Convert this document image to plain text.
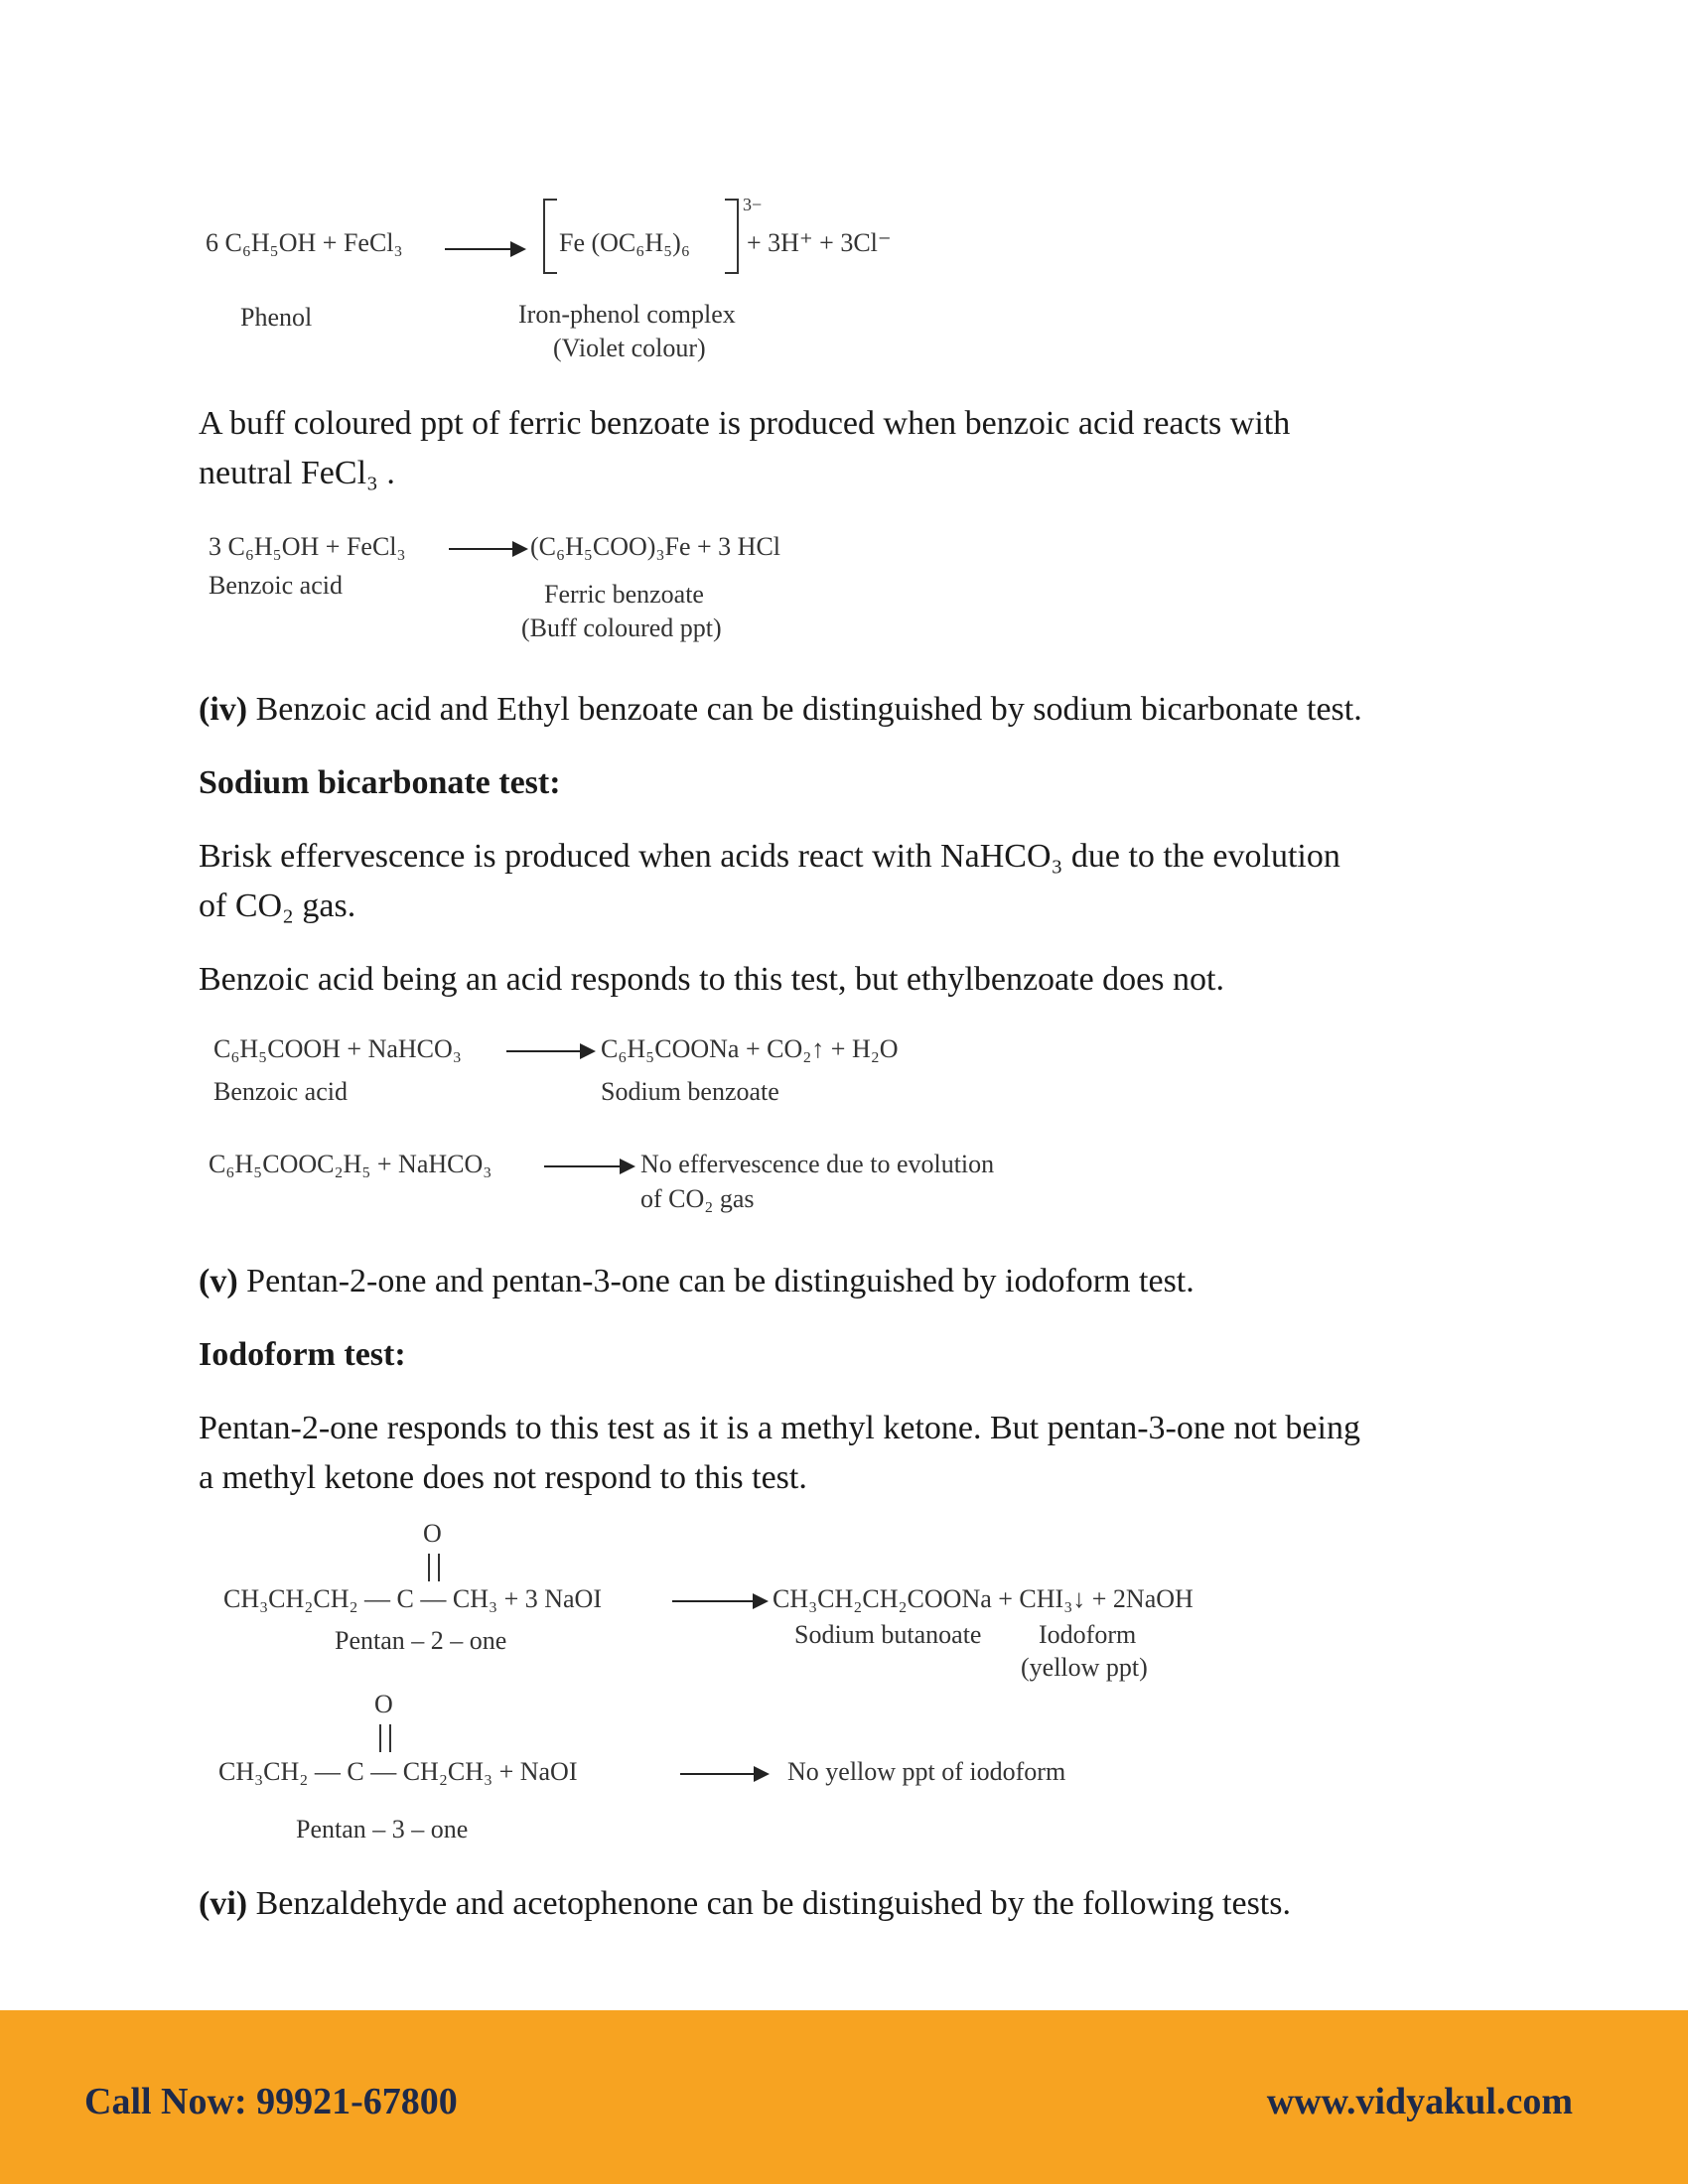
6 C₆H₅OH + FeCl₃	Fe (OC₆H₅)₆
3−
+ 3H⁺ + 3Cl⁻
Phenol	Iron-phenol complex
(Violet colour)
A buff coloured ppt of ferric benzoate is produced when benzoic acid reacts with
neutral FeCl₃ .
3 C₆H₅OH + FeCl₃	(C₆H₅COO)₃Fe + 3 HCl
Benzoic acid	Ferric benzoate
(Buff coloured ppt)
(iv) Benzoic acid and Ethyl benzoate can be distinguished by sodium bicarbonate test.
Sodium bicarbonate test:
Brisk effervescence is produced when acids react with NaHCO₃ due to the evolution
of CO₂ gas.
Benzoic acid being an acid responds to this test, but ethylbenzoate does not.
C₆H₅COOH + NaHCO₃	C₆H₅COONa + CO₂↑ + H₂O
Benzoic acid	Sodium benzoate
C₆H₅COOC₂H₅ + NaHCO₃	No effervescence due to evolution
of CO₂ gas
(v) Pentan-2-one and pentan-3-one can be distinguished by iodoform test.
Iodoform test:
Pentan-2-one responds to this test as it is a methyl ketone. But pentan-3-one not being
a methyl ketone does not respond to this test.
O
CH₃CH₂CH₂ — C — CH₃ + 3 NaOI	CH₃CH₂CH₂COONa + CHI₃↓ + 2NaOH
Pentan – 2 – one	Sodium butanoate Iodoform
(yellow ppt)
O
CH₃CH₂ — C — CH₂CH₃ + NaOI	No yellow ppt of iodoform
Pentan – 3 – one
(vi) Benzaldehyde and acetophenone can be distinguished by the following tests.
Call Now: 99921-67800	www.vidyakul.com
